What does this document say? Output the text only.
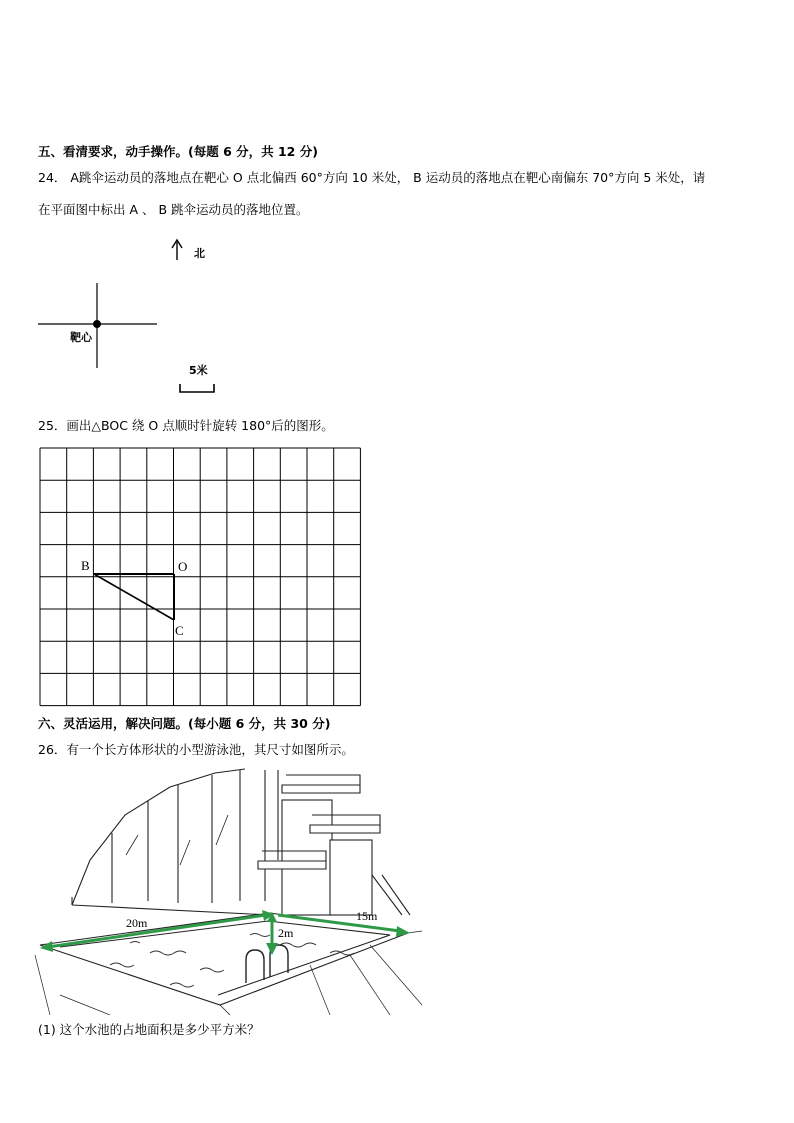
五、看清要求，动手操作。(每题 6 分，共 12 分)
24． A跳伞运动员的落地点在靶心 O 点北偏西 60°方向 10 米处， B 运动员的落地点在靶心南偏东 70°方向 5 米处，请
在平面图中标出 A 、 B 跳伞运动员的落地位置。
北
靶心
5米
25．画出△BOC 绕 O 点顺时针旋转 180°后的图形。
B	O
C
六、灵活运用，解决问题。(每小题 6 分，共 30 分)
26．有一个长方体形状的小型游泳池，其尺寸如图所示。
20m	15m
2m
(1) 这个水池的占地面积是多少平方米？
